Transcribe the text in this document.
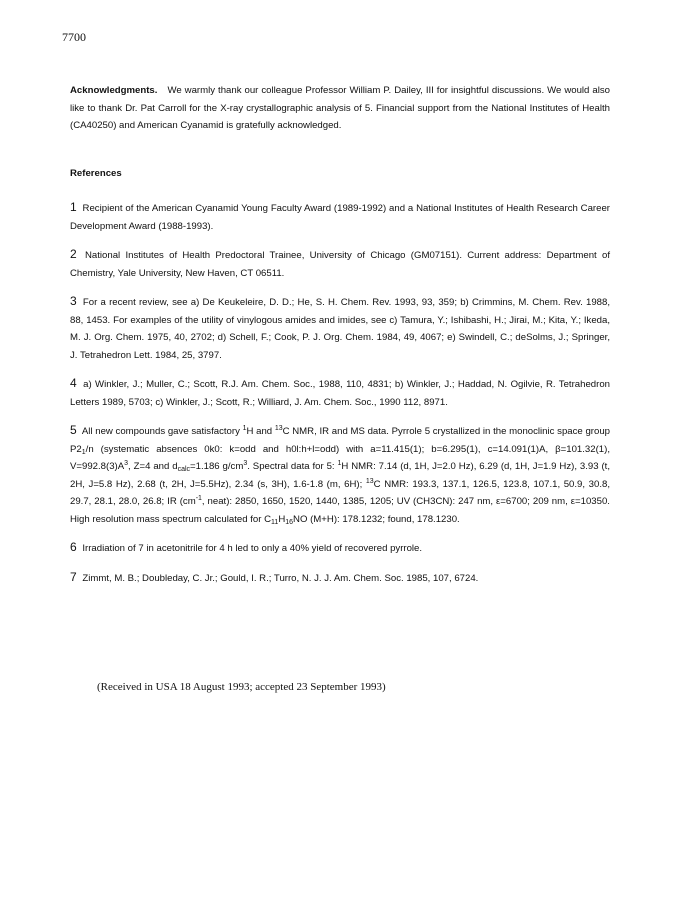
7700

Acknowledgments. We warmly thank our colleague Professor William P. Dailey, III for insightful discussions. We would also like to thank Dr. Pat Carroll for the X-ray crystallographic analysis of 5. Financial support from the National Institutes of Health (CA40250) and American Cyanamid is gratefully acknowledged.

References

1 Recipient of the American Cyanamid Young Faculty Award (1989-1992) and a National Institutes of Health Research Career Development Award (1988-1993).

2 National Institutes of Health Predoctoral Trainee, University of Chicago (GM07151). Current address: Department of Chemistry, Yale University, New Haven, CT 06511.

3 For a recent review, see a) De Keukeleire, D. D.; He, S. H. Chem. Rev. 1993, 93, 359; b) Crimmins, M. Chem. Rev. 1988, 88, 1453. For examples of the utility of vinylogous amides and imides, see c) Tamura, Y.; Ishibashi, H.; Jirai, M.; Kita, Y.; Ikeda, M. J. Org. Chem. 1975, 40, 2702; d) Schell, F.; Cook, P. J. Org. Chem. 1984, 49, 4067; e) Swindell, C.; deSolms, J.; Springer, J. Tetrahedron Lett. 1984, 25, 3797.

4 a) Winkler, J.; Muller, C.; Scott, R.J. Am. Chem. Soc., 1988, 110, 4831; b) Winkler, J.; Haddad, N. Ogilvie, R. Tetrahedron Letters 1989, 5703; c) Winkler, J.; Scott, R.; Williard, J. Am. Chem. Soc., 1990 112, 8971.

5 All new compounds gave satisfactory $^1$H and $^{13}$C NMR, IR and MS data. Pyrrole 5 crystallized in the monoclinic space group $P2_1/n$ (systematic absences 0k0: k=odd and h0l:h+l=odd) with a=11.415(1); b=6.295(1), c=14.091(1)A, β=101.32(1), $V=992.8(3)A^3$, Z=4 and $d_{calc}=1.186$ $g/cm^3$. Spectral data for 5: $^1$H NMR: 7.14 (d, 1H, J=2.0 Hz), 6.29 (d, 1H, J=1.9 Hz), 3.93 (t, 2H, J=5.8 Hz), 2.68 (t, 2H, J=5.5Hz), 2.34 (s, 3H), 1.6-1.8 (m, 6H); $^{13}$C NMR: 193.3, 137.1, 126.5, 123.8, 107.1, 50.9, 30.8, 29.7, 28.1, 28.0, 26.8; IR ($cm^{-1}$, neat): 2850, 1650, 1520, 1440, 1385, 1205; UV (CH3CN): 247 nm, ε=6700; 209 nm, ε=10350. High resolution mass spectrum calculated for $C_{11}H_{16}NO$ (M+H): 178.1232; found, 178.1230.

6 Irradiation of 7 in acetonitrile for 4 h led to only a 40% yield of recovered pyrrole.

7 Zimmt, M. B.; Doubleday, C. Jr.; Gould, I. R.; Turro, N. J. J. Am. Chem. Soc. 1985, 107, 6724.

(Received in USA 18 August 1993; accepted 23 September 1993)
